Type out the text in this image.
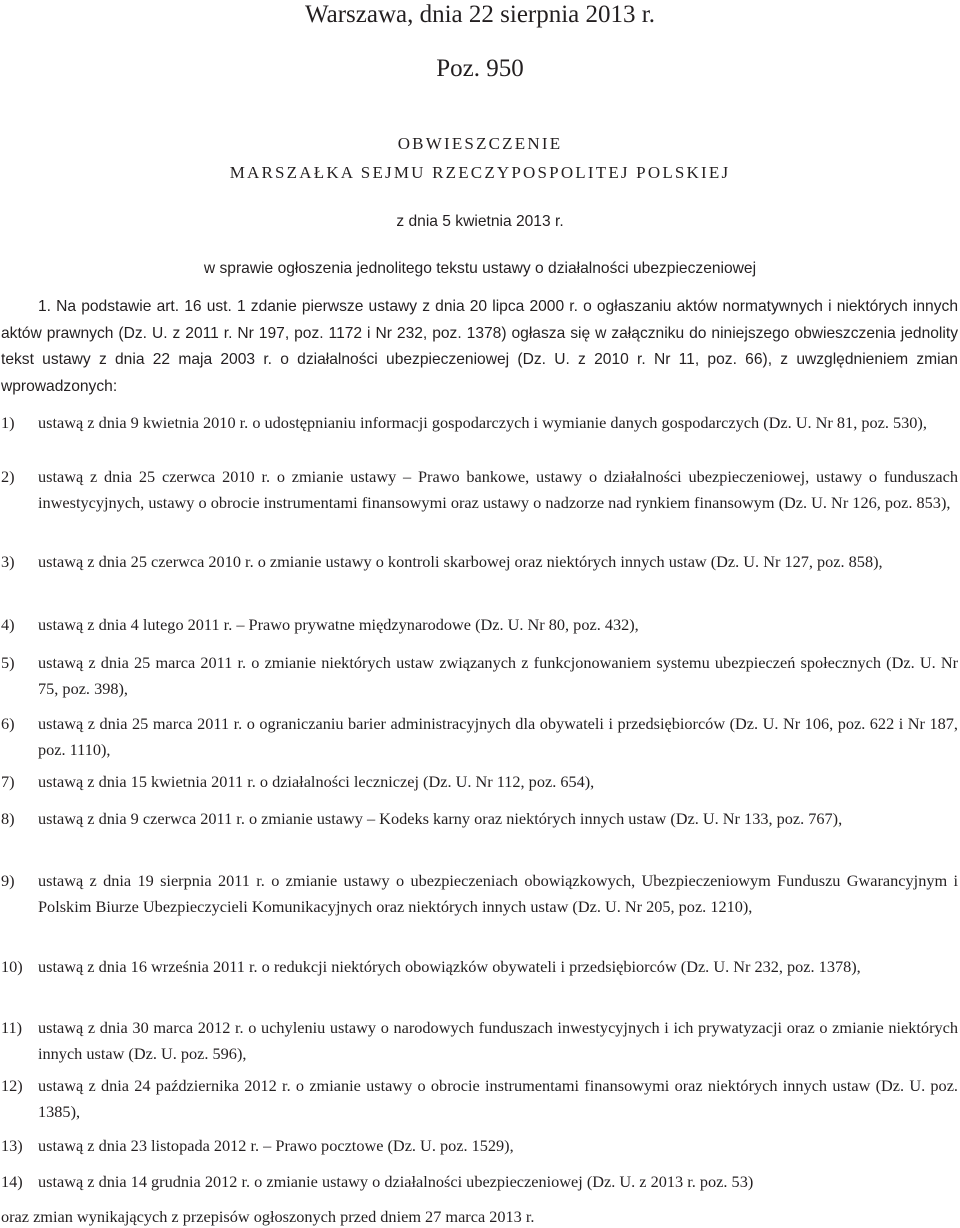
Warszawa, dnia 22 sierpnia 2013 r.
Poz. 950
OBWIESZCZENIE
MARSZAŁKA SEJMU RZECZYPOSPOLITEJ POLSKIEJ
z dnia 5 kwietnia 2013 r.
w sprawie ogłoszenia jednolitego tekstu ustawy o działalności ubezpieczeniowej

1. Na podstawie art. 16 ust. 1 zdanie pierwsze ustawy z dnia 20 lipca 2000 r. o ogłaszaniu aktów normatywnych i niektórych innych aktów prawnych (Dz. U. z 2011 r. Nr 197, poz. 1172 i Nr 232, poz. 1378) ogłasza się w załączniku do niniejszego obwieszczenia jednolity tekst ustawy z dnia 22 maja 2003 r. o działalności ubezpieczeniowej (Dz. U. z 2010 r. Nr 11, poz. 66), z uwzględnieniem zmian wprowadzonych:

1) ustawą z dnia 9 kwietnia 2010 r. o udostępnianiu informacji gospodarczych i wymianie danych gospodarczych (Dz. U. Nr 81, poz. 530),
2) ustawą z dnia 25 czerwca 2010 r. o zmianie ustawy – Prawo bankowe, ustawy o działalności ubezpieczeniowej, ustawy o funduszach inwestycyjnych, ustawy o obrocie instrumentami finansowymi oraz ustawy o nadzorze nad rynkiem finansowym (Dz. U. Nr 126, poz. 853),
3) ustawą z dnia 25 czerwca 2010 r. o zmianie ustawy o kontroli skarbowej oraz niektórych innych ustaw (Dz. U. Nr 127, poz. 858),
4) ustawą z dnia 4 lutego 2011 r. – Prawo prywatne międzynarodowe (Dz. U. Nr 80, poz. 432),
5) ustawą z dnia 25 marca 2011 r. o zmianie niektórych ustaw związanych z funkcjonowaniem systemu ubezpieczeń społecznych (Dz. U. Nr 75, poz. 398),
6) ustawą z dnia 25 marca 2011 r. o ograniczaniu barier administracyjnych dla obywateli i przedsiębiorców (Dz. U. Nr 106, poz. 622 i Nr 187, poz. 1110),
7) ustawą z dnia 15 kwietnia 2011 r. o działalności leczniczej (Dz. U. Nr 112, poz. 654),
8) ustawą z dnia 9 czerwca 2011 r. o zmianie ustawy – Kodeks karny oraz niektórych innych ustaw (Dz. U. Nr 133, poz. 767),
9) ustawą z dnia 19 sierpnia 2011 r. o zmianie ustawy o ubezpieczeniach obowiązkowych, Ubezpieczeniowym Funduszu Gwarancyjnym i Polskim Biurze Ubezpieczycieli Komunikacyjnych oraz niektórych innych ustaw (Dz. U. Nr 205, poz. 1210),
10) ustawą z dnia 16 września 2011 r. o redukcji niektórych obowiązków obywateli i przedsiębiorców (Dz. U. Nr 232, poz. 1378),
11) ustawą z dnia 30 marca 2012 r. o uchyleniu ustawy o narodowych funduszach inwestycyjnych i ich prywatyzacji oraz o zmianie niektórych innych ustaw (Dz. U. poz. 596),
12) ustawą z dnia 24 października 2012 r. o zmianie ustawy o obrocie instrumentami finansowymi oraz niektórych innych ustaw (Dz. U. poz. 1385),
13) ustawą z dnia 23 listopada 2012 r. – Prawo pocztowe (Dz. U. poz. 1529),
14) ustawą z dnia 14 grudnia 2012 r. o zmianie ustawy o działalności ubezpieczeniowej (Dz. U. z 2013 r. poz. 53)

oraz zmian wynikających z przepisów ogłoszonych przed dniem 27 marca 2013 r.
